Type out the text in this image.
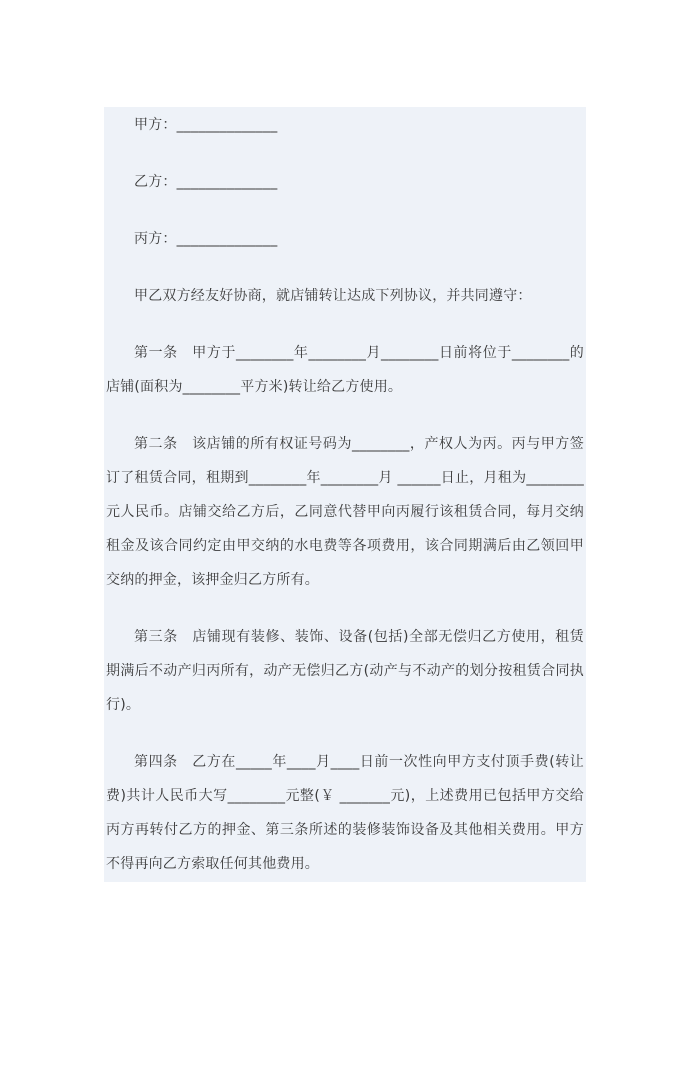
甲方：______________

乙方：______________

丙方：______________

甲乙双方经友好协商，就店铺转让达成下列协议，并共同遵守：

第一条　甲方于________年________月________日前将位于________的店铺(面积为________平方米)转让给乙方使用。

第二条　该店铺的所有权证号码为________，产权人为丙。丙与甲方签订了租赁合同，租期到________年________月 ______日止，月租为________元人民币。店铺交给乙方后，乙同意代替甲向丙履行该租赁合同，每月交纳租金及该合同约定由甲交纳的水电费等各项费用，该合同期满后由乙领回甲交纳的押金，该押金归乙方所有。

第三条　店铺现有装修、装饰、设备(包括)全部无偿归乙方使用，租赁期满后不动产归丙所有，动产无偿归乙方(动产与不动产的划分按租赁合同执行)。

第四条　乙方在_____年____月____日前一次性向甲方支付顶手费(转让费)共计人民币大写________元整(￥ _______元)，上述费用已包括甲方交给丙方再转付乙方的押金、第三条所述的装修装饰设备及其他相关费用。甲方不得再向乙方索取任何其他费用。
